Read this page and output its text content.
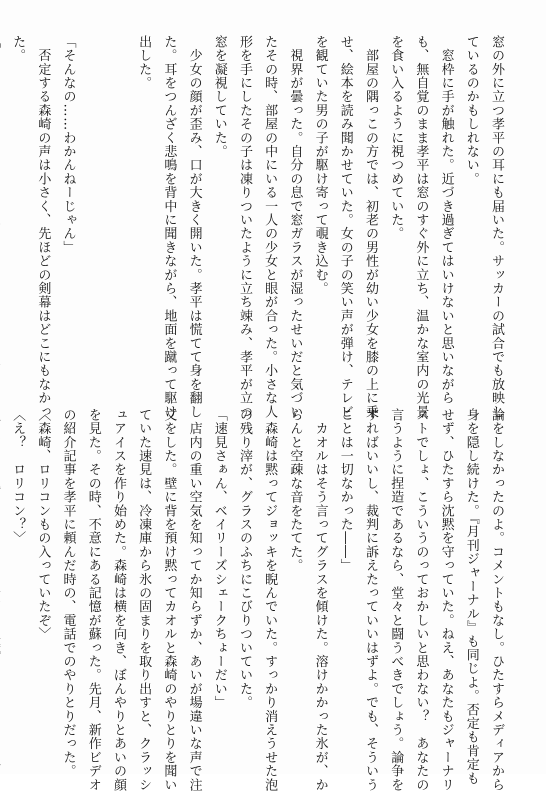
窓の外に立つ孝平の耳にも届いた。サッカーの試合でも放映し
ているのかもしれない。
　窓枠に手が触れた。近づき過ぎてはいけないと思いながら
も、無自覚のまま孝平は窓のすぐ外に立ち、温かな室内の光景
を食い入るように視つめていた。
　部屋の隅っこの方では、初老の男性が幼い少女を膝の上に乗
せ、絵本を読み聞かせていた。女の子の笑い声が弾け、テレビ
を観ていた男の子が駆け寄って覗き込む。
　視界が曇った。自分の息で窓ガラスが湿ったせいだと気づい
たその時、部屋の中にいる一人の少女と眼が合った。小さな人
形を手にしたその子は凍りついたように立ち竦み、孝平が立つ
窓を凝視していた。
　少女の顔が歪み、口が大きく開いた。孝平は慌てて身を翻し
た。耳をつんざく悲鳴を背中に聞きながら、地面を蹴って駆け
出した。

「そんなの……わかんねーじゃん」
　否定する森崎の声は小さく、先ほどの剣幕はどこにもなかっ
た。
論をしなかったのよ。コメントもなし。ひたすらメディアから
身を隠し続けた。『月刊ジャーナル』も同じよ。否定も肯定も
せず、ひたすら沈黙を守っていた。ねえ、あなたもジャーナリ
ストでしょ、こういうのっておかしいと思わない？　あなたの
言うように捏造であるなら、堂々と闘うべきでしょう。論争を
すればいいし、裁判に訴えたっていいはずよ。でも、そういう
ことは一切なかった――」
　カオルはそう言ってグラスを傾けた。溶けかかった氷が、か
らんと空疎な音をたてた。
　森崎は黙ってジョッキを睨んでいた。すっかり消えうせた泡
の残り滓が、グラスのふちにこびりついていた。
「速見さぁん、ベイリーズシェークちょーだい」
　店内の重い空気を知ってか知らずか、あいが場違いな声で注
文をした。壁に背を預け黙ってカオルと森崎のやりとりを聞い
ていた速見は、冷凍庫から氷の固まりを取り出すと、クラッシ
ュアイスを作り始めた。森崎は横を向き、ぼんやりとあいの顔
を見た。その時、不意にある記憶が蘇った。先月、新作ビデオ
の紹介記事を孝平に頼んだ時の、電話でのやりとりだった。
〈森崎、ロリコンもの入っていたぞ〉
〈え？　ロリコン？〉
